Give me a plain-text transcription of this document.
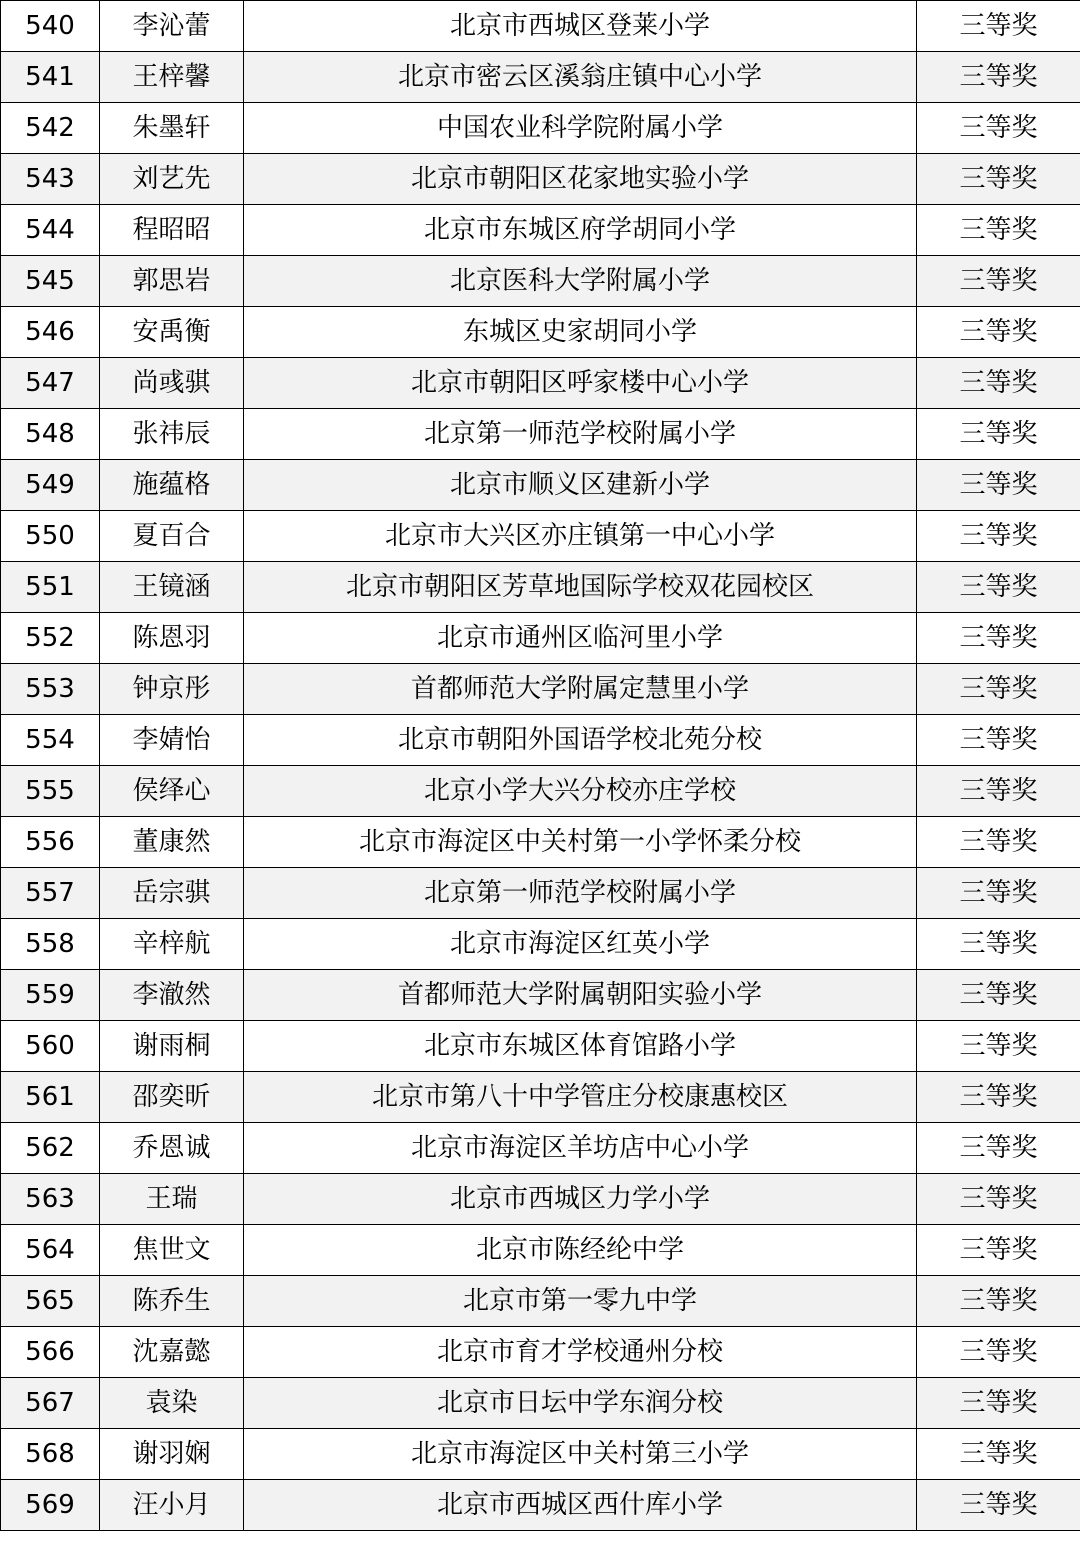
540	李沁蕾	北京市西城区登莱小学	三等奖
541	王梓馨	北京市密云区溪翁庄镇中心小学	三等奖
542	朱墨轩	中国农业科学院附属小学	三等奖
543	刘艺先	北京市朝阳区花家地实验小学	三等奖
544	程昭昭	北京市东城区府学胡同小学	三等奖
545	郭思岩	北京医科大学附属小学	三等奖
546	安禹衡	东城区史家胡同小学	三等奖
547	尚彧骐	北京市朝阳区呼家楼中心小学	三等奖
548	张祎辰	北京第一师范学校附属小学	三等奖
549	施蕴格	北京市顺义区建新小学	三等奖
550	夏百合	北京市大兴区亦庄镇第一中心小学	三等奖
551	王镜涵	北京市朝阳区芳草地国际学校双花园校区	三等奖
552	陈恩羽	北京市通州区临河里小学	三等奖
553	钟京彤	首都师范大学附属定慧里小学	三等奖
554	李婧怡	北京市朝阳外国语学校北苑分校	三等奖
555	侯绎心	北京小学大兴分校亦庄学校	三等奖
556	董康然	北京市海淀区中关村第一小学怀柔分校	三等奖
557	岳宗骐	北京第一师范学校附属小学	三等奖
558	辛梓航	北京市海淀区红英小学	三等奖
559	李澈然	首都师范大学附属朝阳实验小学	三等奖
560	谢雨桐	北京市东城区体育馆路小学	三等奖
561	邵奕昕	北京市第八十中学管庄分校康惠校区	三等奖
562	乔恩诚	北京市海淀区羊坊店中心小学	三等奖
563	王瑞	北京市西城区力学小学	三等奖
564	焦世文	北京市陈经纶中学	三等奖
565	陈乔生	北京市第一零九中学	三等奖
566	沈嘉懿	北京市育才学校通州分校	三等奖
567	袁染	北京市日坛中学东润分校	三等奖
568	谢羽娴	北京市海淀区中关村第三小学	三等奖
569	汪小月	北京市西城区西什库小学	三等奖
